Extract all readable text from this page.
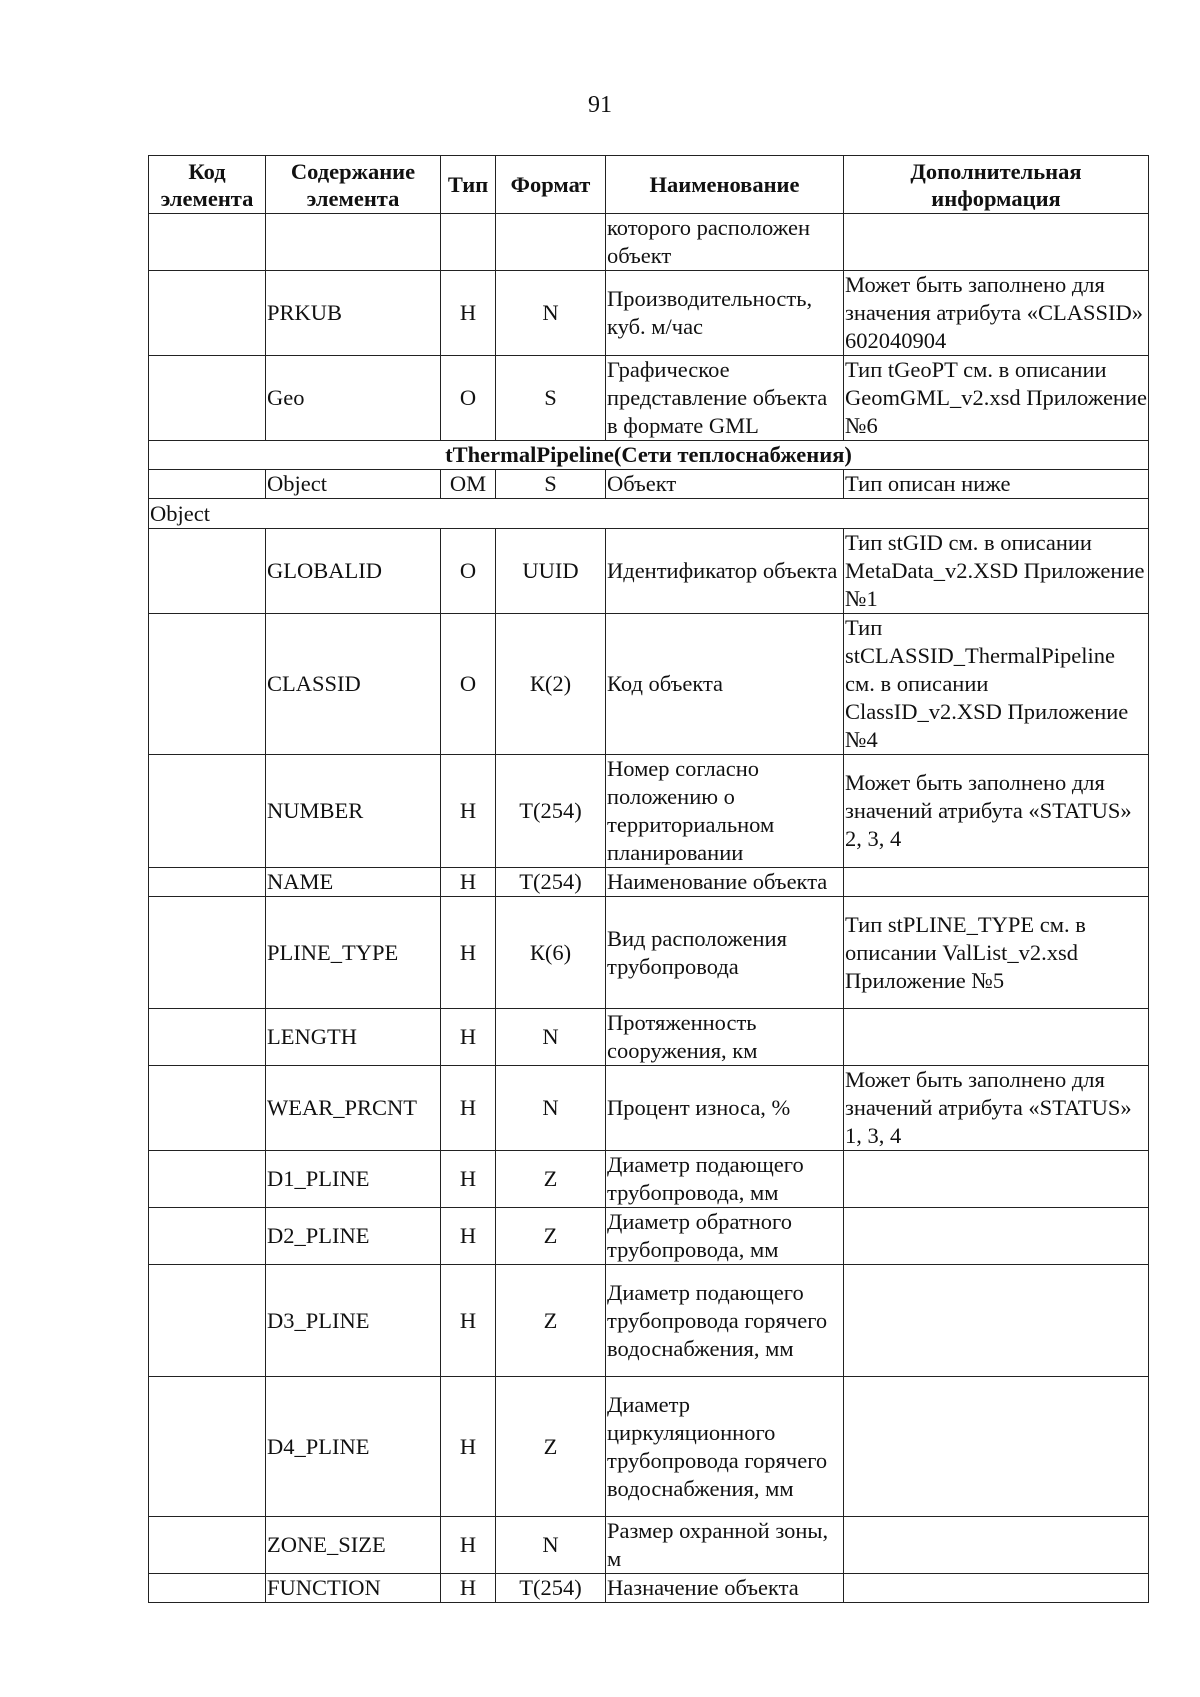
91
Код элемента	Содержание элемента	Тип	Формат	Наименование	Дополнительная информация
				которого расположен объект	
	PRKUB	Н	N	Производительность, куб. м/час	Может быть заполнено для значения атрибута «CLASSID» 602040904
	Geo	О	S	Графическое представление объекта в формате GML	Тип tGeoPT см. в описании GeomGML_v2.xsd Приложение №6
tThermalPipeline(Сети теплоснабжения)					
	Object	ОМ	S	Объект	Тип описан ниже
Object					
	GLOBALID	О	UUID	Идентификатор объекта	Тип stGID см. в описании MetaData_v2.XSD Приложение №1
	CLASSID	О	К(2)	Код объекта	Тип stCLASSID_ThermalPipeline см. в описании ClassID_v2.XSD Приложение №4
	NUMBER	Н	Т(254)	Номер согласно положению о территориальном планировании	Может быть заполнено для значений атрибута «STATUS» 2, 3, 4
	NAME	Н	Т(254)	Наименование объекта	
	PLINE_TYPE	Н	К(6)	Вид расположения трубопровода	Тип stPLINE_TYPE см. в описании ValList_v2.xsd Приложение №5
	LENGTH	Н	N	Протяженность сооружения, км	
	WEAR_PRCNT	Н	N	Процент износа, %	Может быть заполнено для значений атрибута «STATUS» 1, 3, 4
	D1_PLINE	Н	Z	Диаметр подающего трубопровода, мм	
	D2_PLINE	Н	Z	Диаметр обратного трубопровода, мм	
	D3_PLINE	Н	Z	Диаметр подающего трубопровода горячего водоснабжения, мм	
	D4_PLINE	Н	Z	Диаметр циркуляционного трубопровода горячего водоснабжения, мм	
	ZONE_SIZE	Н	N	Размер охранной зоны, м	
	FUNCTION	Н	Т(254)	Назначение объекта	
